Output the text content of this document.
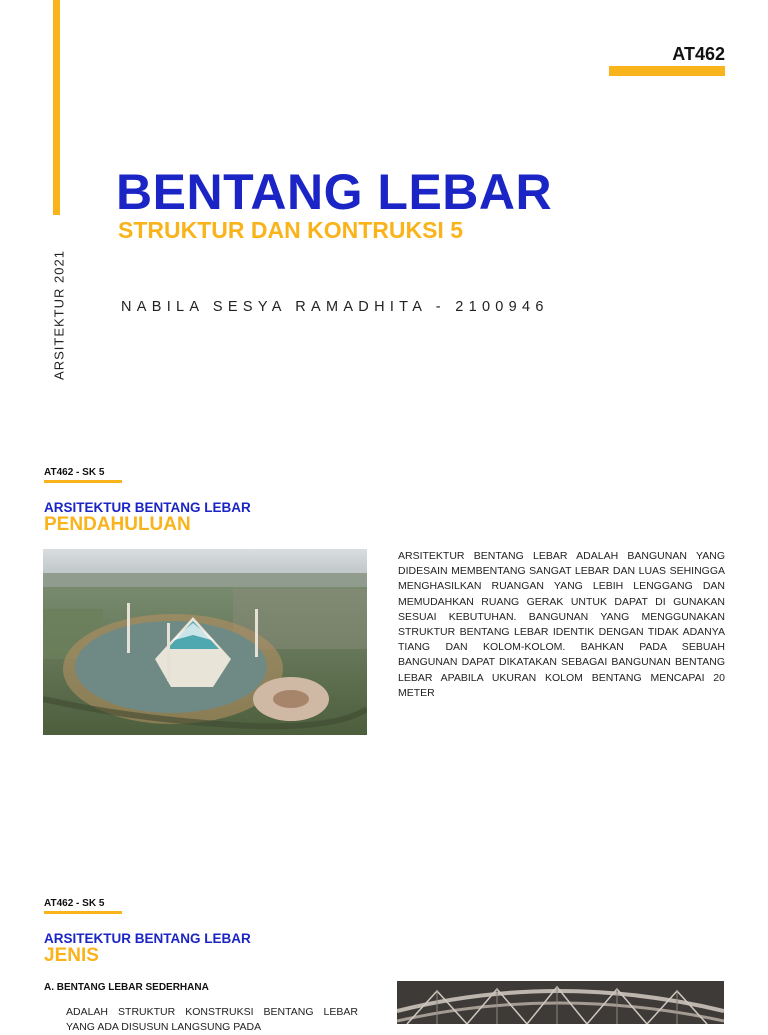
AT462
ARSITEKTUR 2021
BENTANG LEBAR
STRUKTUR DAN KONTRUKSI 5
NABILA SESYA RAMADHITA - 2100946
AT462 - SK 5
ARSITEKTUR BENTANG LEBAR
PENDAHULUAN
ARSITEKTUR BENTANG LEBAR ADALAH BANGUNAN YANG DIDESAIN MEMBENTANG SANGAT LEBAR DAN LUAS SEHINGGA MENGHASILKAN RUANGAN YANG LEBIH LENGGANG DAN MEMUDAHKAN RUANG GERAK UNTUK DAPAT DI GUNAKAN SESUAI KEBUTUHAN. BANGUNAN YANG MENGGUNAKAN STRUKTUR BENTANG LEBAR IDENTIK DENGAN TIDAK ADANYA TIANG DAN KOLOM-KOLOM. BAHKAN PADA SEBUAH BANGUNAN DAPAT DIKATAKAN SEBAGAI BANGUNAN BENTANG LEBAR APABILA UKURAN KOLOM BENTANG MENCAPAI 20 METER
AT462 - SK 5
ARSITEKTUR BENTANG LEBAR
JENIS
A. BENTANG LEBAR SEDERHANA
ADALAH STRUKTUR KONSTRUKSI BENTANG LEBAR YANG ADA DISUSUN LANGSUNG PADA
